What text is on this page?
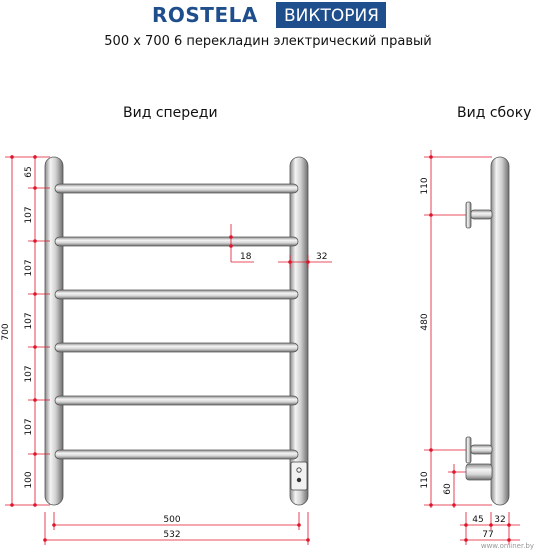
ROSTELA ВИКТОРИЯ
500 x 700 6 перекладин электрический правый
Вид спереди	Вид сбоку
700
65
107
107
107
107
107
100
18	32
500
532
110
480
110
60
45 32
77
www.onliner.by
